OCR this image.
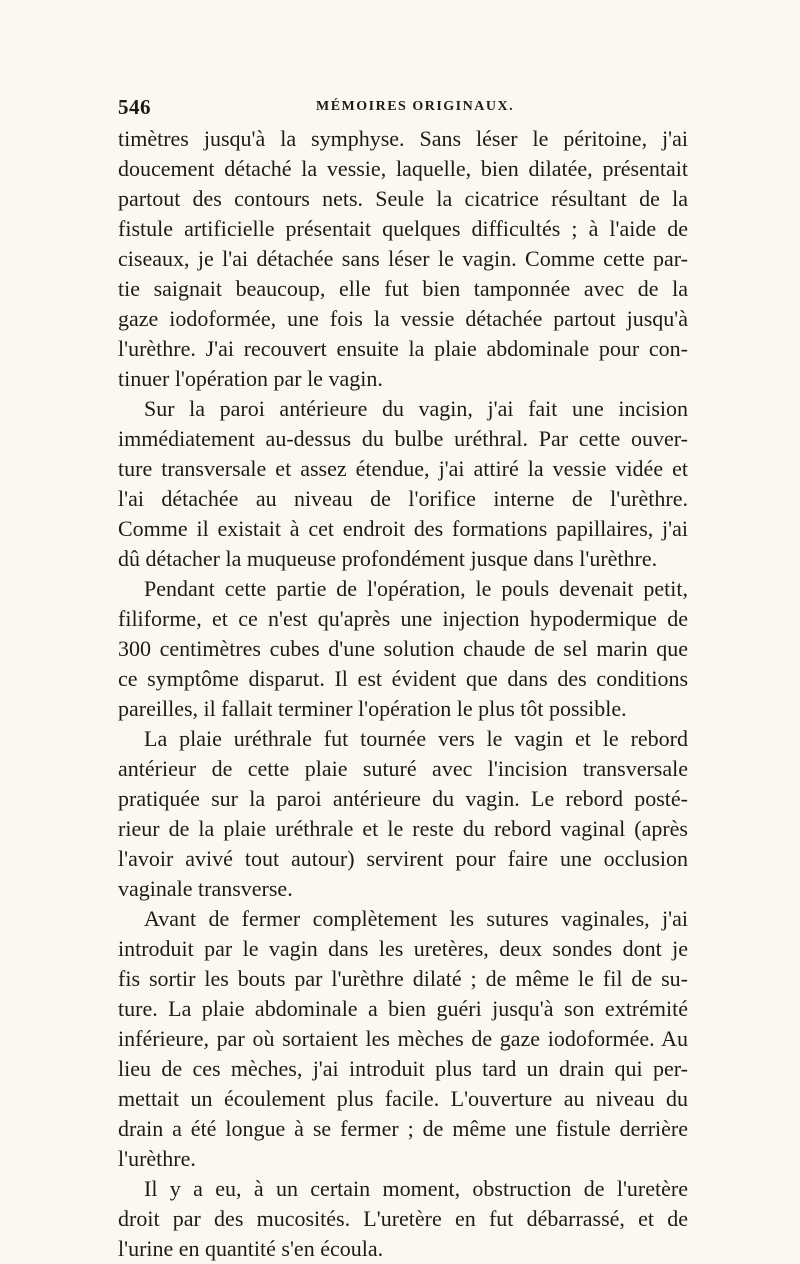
546	MÉMOIRES ORIGINAUX.
timètres jusqu'à la symphyse. Sans léser le péritoine, j'ai
doucement détaché la vessie, laquelle, bien dilatée, présentait
partout des contours nets. Seule la cicatrice résultant de la
fistule artificielle présentait quelques difficultés ; à l'aide de
ciseaux, je l'ai détachée sans léser le vagin. Comme cette par-
tie saignait beaucoup, elle fut bien tamponnée avec de la
gaze iodoformée, une fois la vessie détachée partout jusqu'à
l'urèthre. J'ai recouvert ensuite la plaie abdominale pour con-
tinuer l'opération par le vagin.
Sur la paroi antérieure du vagin, j'ai fait une incision
immédiatement au-dessus du bulbe uréthral. Par cette ouver-
ture transversale et assez étendue, j'ai attiré la vessie vidée et
l'ai détachée au niveau de l'orifice interne de l'urèthre.
Comme il existait à cet endroit des formations papillaires, j'ai
dû détacher la muqueuse profondément jusque dans l'urèthre.
Pendant cette partie de l'opération, le pouls devenait petit,
filiforme, et ce n'est qu'après une injection hypodermique de
300 centimètres cubes d'une solution chaude de sel marin que
ce symptôme disparut. Il est évident que dans des conditions
pareilles, il fallait terminer l'opération le plus tôt possible.
La plaie uréthrale fut tournée vers le vagin et le rebord
antérieur de cette plaie suturé avec l'incision transversale
pratiquée sur la paroi antérieure du vagin. Le rebord posté-
rieur de la plaie uréthrale et le reste du rebord vaginal (après
l'avoir avivé tout autour) servirent pour faire une occlusion
vaginale transverse.
Avant de fermer complètement les sutures vaginales, j'ai
introduit par le vagin dans les uretères, deux sondes dont je
fis sortir les bouts par l'urèthre dilaté ; de même le fil de su-
ture. La plaie abdominale a bien guéri jusqu'à son extrémité
inférieure, par où sortaient les mèches de gaze iodoformée. Au
lieu de ces mèches, j'ai introduit plus tard un drain qui per-
mettait un écoulement plus facile. L'ouverture au niveau du
drain a été longue à se fermer ; de même une fistule derrière
l'urèthre.
Il y a eu, à un certain moment, obstruction de l'uretère
droit par des mucosités. L'uretère en fut débarrassé, et de
l'urine en quantité s'en écoula.
